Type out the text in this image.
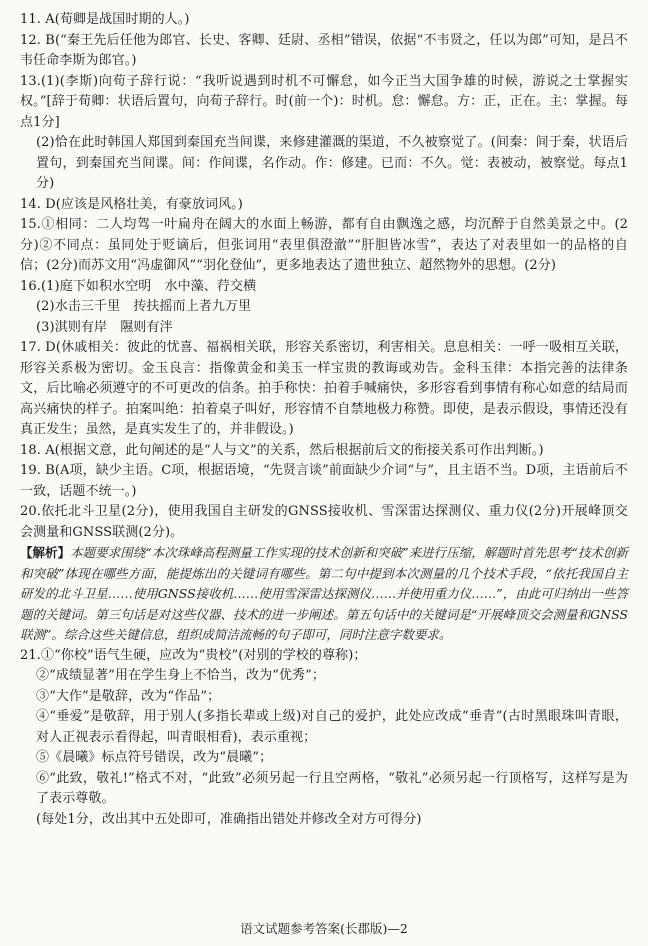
11. A(荀卿是战国时期的人。)

12. B(“秦王先后任他为郎官、长史、客卿、廷尉、丞相”错误，依据“不韦贤之，任以为郎”可知，是吕不韦任命李斯为郎官。)

13.(1)(李斯)向荀子辞行说：“我听说遇到时机不可懈怠，如今正当大国争雄的时候，游说之士掌握实权。”[辞于荀卿：状语后置句，向荀子辞行。时(前一个)：时机。怠：懈怠。方：正，正在。主：掌握。每点1分]

(2)恰在此时韩国人郑国到秦国充当间谍，来修建灌溉的渠道，不久被察觉了。(间秦：间于秦，状语后置句，到秦国充当间谍。间：作间谍，名作动。作：修建。已而：不久。觉：表被动，被察觉。每点1分)

14. D(应该是风格壮美，有豪放词风。)

15.①相同：二人均驾一叶扁舟在阔大的水面上畅游，都有自由飘逸之感，均沉醉于自然美景之中。(2分)②不同点：虽同处于贬谪后，但张词用“表里俱澄澈”“肝胆皆冰雪”，表达了对表里如一的品格的自信；(2分)而苏文用“冯虚御风”“羽化登仙”，更多地表达了遗世独立、超然物外的思想。(2分)

16.(1)庭下如积水空明　水中藻、荇交横

(2)水击三千里　抟扶摇而上者九万里

(3)淇则有岸　隰则有泮

17. D(休戚相关：彼此的忧喜、福祸相关联，形容关系密切，利害相关。息息相关：一呼一吸相互关联，形容关系极为密切。金玉良言：指像黄金和美玉一样宝贵的教诲或劝告。金科玉律：本指完善的法律条文，后比喻必须遵守的不可更改的信条。拍手称快：拍着手喊痛快，多形容看到事情有称心如意的结局而高兴痛快的样子。拍案叫绝：拍着桌子叫好，形容情不自禁地极力称赞。即使，是表示假设，事情还没有真正发生；虽然，是真实发生了的，并非假设。)

18. A(根据文意，此句阐述的是“人与文”的关系，然后根据前后文的衔接关系可作出判断。)

19. B(A项，缺少主语。C项，根据语境，“先贤言谈”前面缺少介词“与”，且主语不当。D项，主语前后不一致，话题不统一。)

20.依托北斗卫星(2分)，使用我国自主研发的GNSS接收机、雪深雷达探测仪、重力仪(2分)开展峰顶交会测量和GNSS联测(2分)。

【解析】本题要求围绕“本次珠峰高程测量工作实现的技术创新和突破”来进行压缩，解题时首先思考“技术创新和突破”体现在哪些方面，能提炼出的关键词有哪些。第二句中提到本次测量的几个技术手段，“依托我国自主研发的北斗卫星……使用GNSS接收机……使用雪深雷达探测仪……并使用重力仪……”，由此可归纳出一些答题的关键词。第三句话是对这些仪器、技术的进一步阐述。第五句话中的关键词是“开展峰顶交会测量和GNSS联测”。综合这些关键信息，组织成简洁流畅的句子即可，同时注意字数要求。

21.①“你校”语气生硬，应改为“贵校”(对别的学校的尊称)；

②“成绩显著”用在学生身上不恰当，改为“优秀”；

③“大作”是敬辞，改为“作品”；

④“垂爱”是敬辞，用于别人(多指长辈或上级)对自己的爱护，此处应改成“垂青”(古时黑眼珠叫青眼，对人正视表示看得起，叫青眼相看)，表示重视；

⑤《晨曦》标点符号错误，改为“晨曦”；

⑥“此致，敬礼!”格式不对，“此致”必须另起一行且空两格，“敬礼”必须另起一行顶格写，这样写是为了表示尊敬。

(每处1分，改出其中五处即可，准确指出错处并修改全对方可得分)

语文试题参考答案(长郡版)—2
